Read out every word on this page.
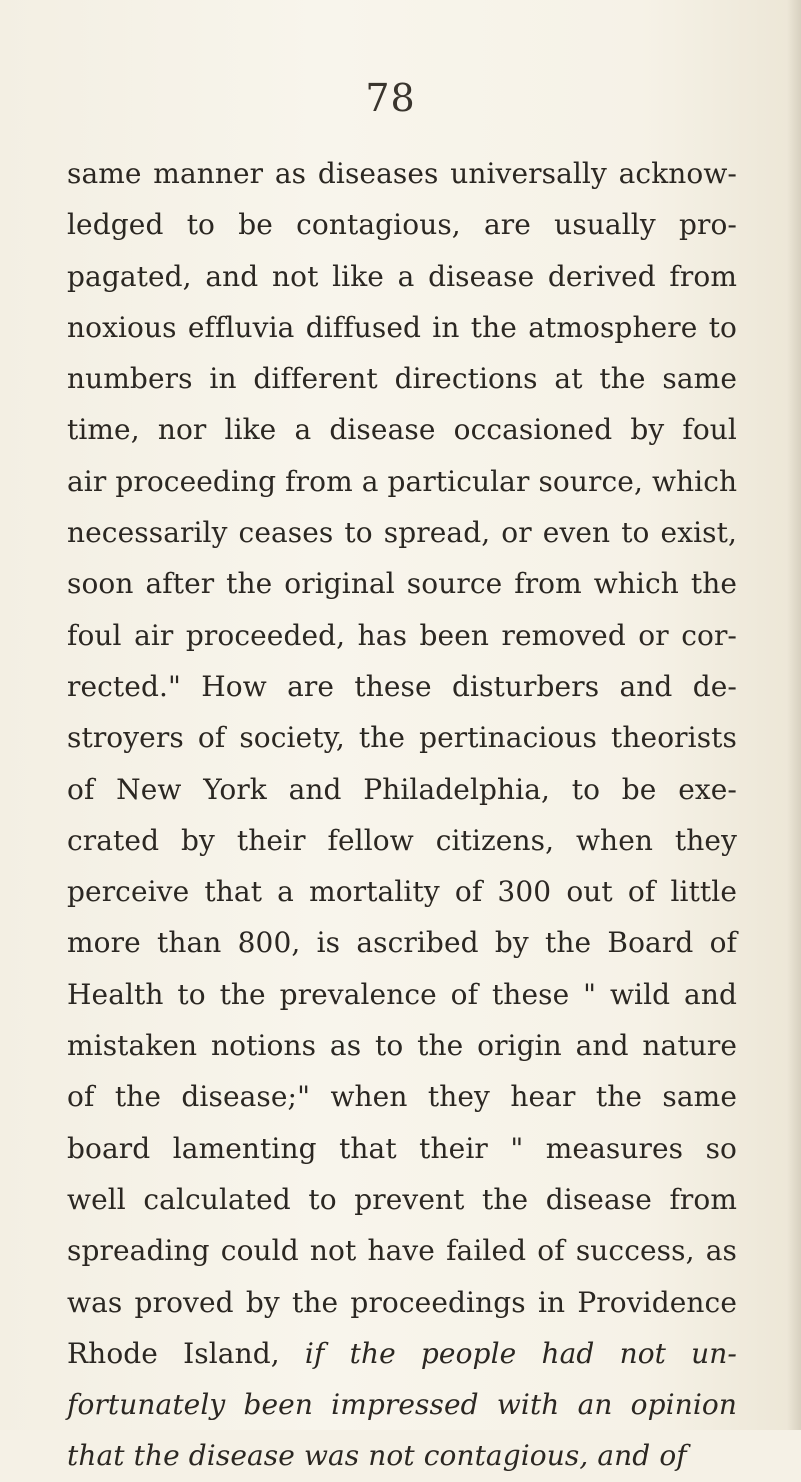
78
same manner as diseases universally acknow-
ledged to be contagious, are usually pro-
pagated, and not like a disease derived from
noxious effluvia diffused in the atmosphere to
numbers in different directions at the same
time, nor like a disease occasioned by foul
air proceeding from a particular source, which
necessarily ceases to spread, or even to exist,
soon after the original source from which the
foul air proceeded, has been removed or cor-
rected." How are these disturbers and de-
stroyers of society, the pertinacious theorists
of New York and Philadelphia, to be exe-
crated by their fellow citizens, when they
perceive that a mortality of 300 out of little
more than 800, is ascribed by the Board of
Health to the prevalence of these " wild and
mistaken notions as to the origin and nature
of the disease;" when they hear the same
board lamenting that their " measures so
well calculated to prevent the disease from
spreading could not have failed of success, as
was proved by the proceedings in Providence
Rhode Island, if the people had not un-
fortunately been impressed with an opinion
that the disease was not contagious, and of
